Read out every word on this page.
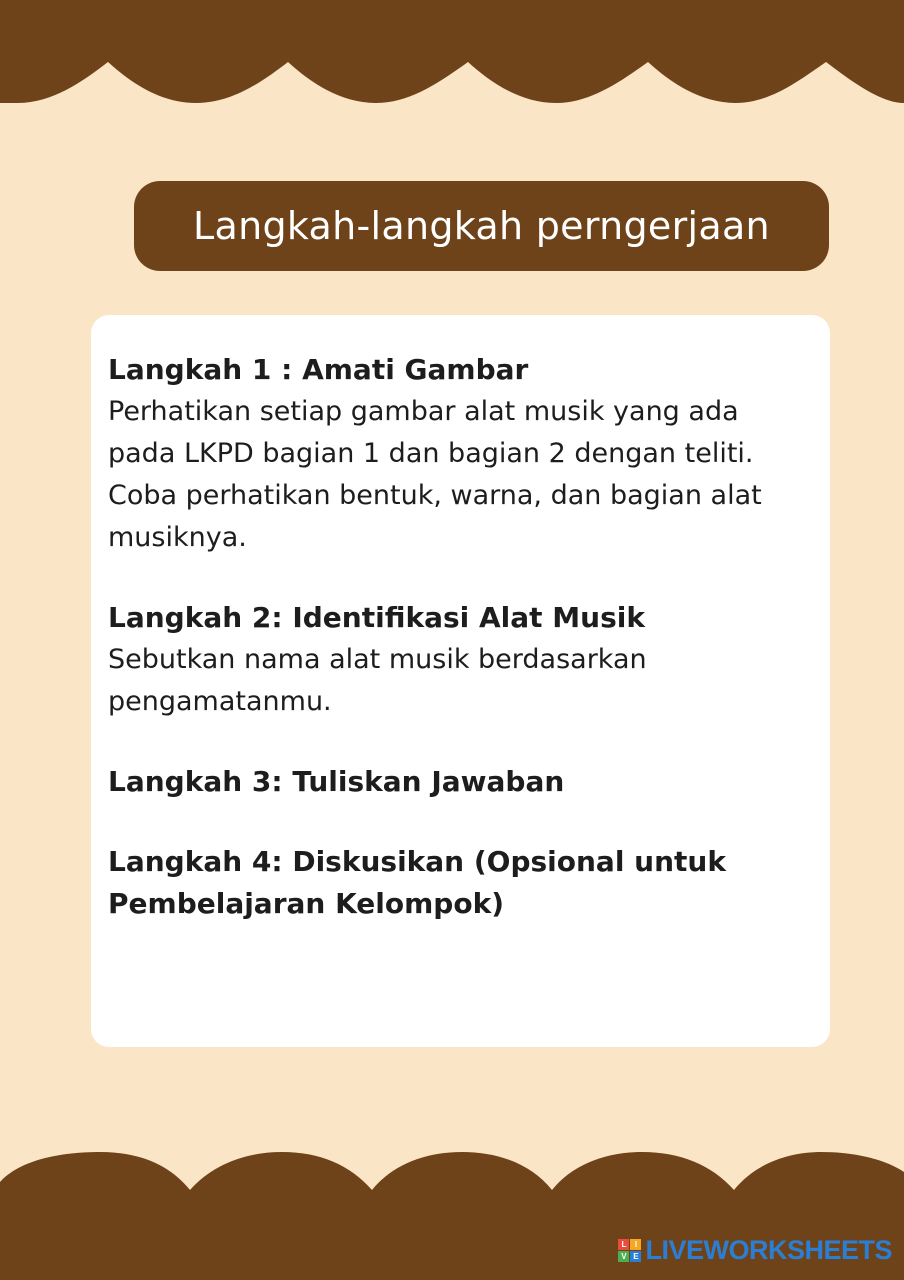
Langkah-langkah perngerjaan

Langkah 1 : Amati Gambar

Perhatikan setiap gambar alat musik yang ada pada LKPD bagian 1 dan bagian 2 dengan teliti. Coba perhatikan bentuk, warna, dan bagian alat musiknya.

Langkah 2: Identifikasi Alat Musik

Sebutkan nama alat musik berdasarkan pengamatanmu.

Langkah 3: Tuliskan Jawaban

Langkah 4: Diskusikan (Opsional untuk Pembelajaran Kelompok)

L	I
V E LIVEWORKSHEETS
